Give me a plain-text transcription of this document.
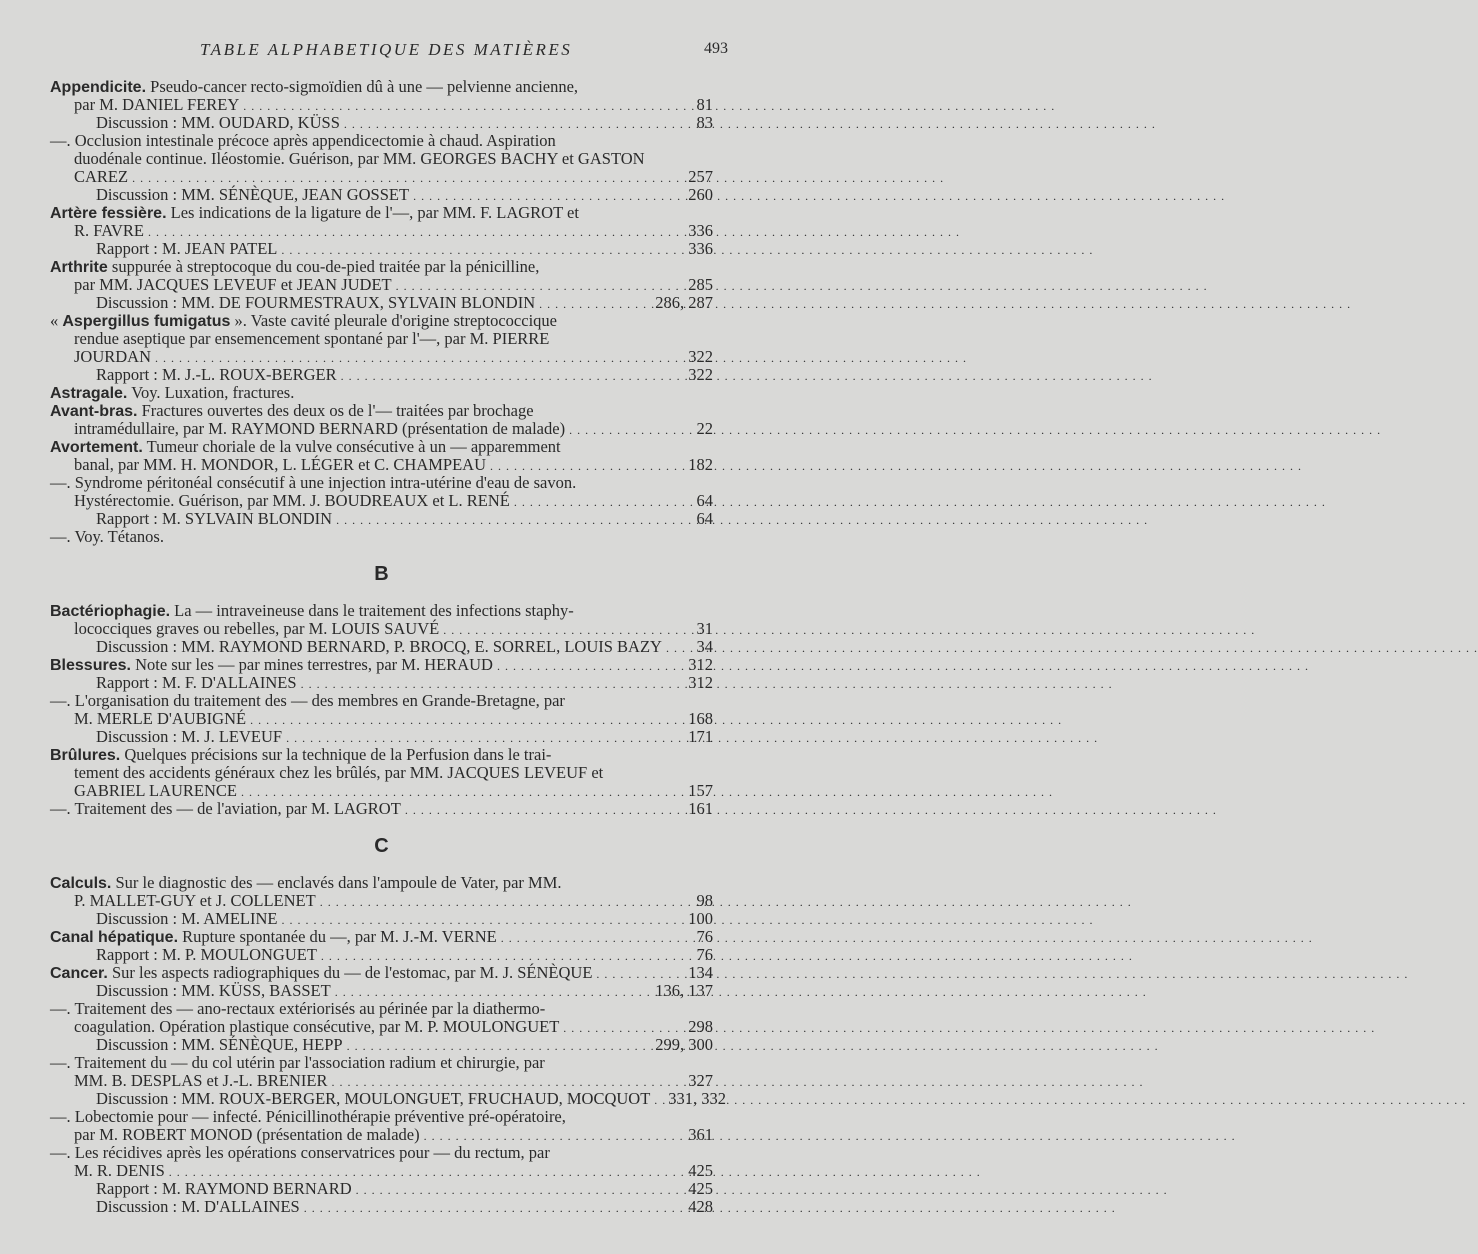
TABLE ALPHABETIQUE DES MATIÈRES	493
Appendicite. Pseudo-cancer recto-sigmoïdien dû à une — pelvienne ancienne,
par M. DANIEL FEREY . . .	81
Discussion : MM. OUDARD, KÜSS . . .	83
—. Occlusion intestinale précoce après appendicectomie à chaud. Aspiration
duodénale continue. Iléostomie. Guérison, par MM. GEORGES BACHY et GASTON
CAREZ . . .	257
Discussion : MM. SÉNÈQUE, JEAN GOSSET . . .	260
Artère fessière. Les indications de la ligature de l'—, par MM. F. LAGROT et
R. FAVRE . . .	336
Rapport : M. JEAN PATEL . . .	336
Arthrite suppurée à streptocoque du cou-de-pied traitée par la pénicilline,
par MM. JACQUES LEVEUF et JEAN JUDET . . .	285
Discussion : MM. DE FOURMESTRAUX, SYLVAIN BLONDIN . . .	286, 287
« Aspergillus fumigatus ». Vaste cavité pleurale d'origine streptococcique
rendue aseptique par ensemencement spontané par l'—, par M. PIERRE
JOURDAN . . .	322
Rapport : M. J.-L. ROUX-BERGER . . .	322
Astragale. Voy. Luxation, fractures.
Avant-bras. Fractures ouvertes des deux os de l'— traitées par brochage
intramédullaire, par M. RAYMOND BERNARD (présentation de malade) . . .	22
Avortement. Tumeur choriale de la vulve consécutive à un — apparemment
banal, par MM. H. MONDOR, L. LÉGER et C. CHAMPEAU . . .	182
—. Syndrome péritonéal consécutif à une injection intra-utérine d'eau de savon.
Hystérectomie. Guérison, par MM. J. BOUDREAUX et L. RENÉ . . .	64
Rapport : M. SYLVAIN BLONDIN . . .	64
—. Voy. Tétanos.
B
Bactériophagie. La — intraveineuse dans le traitement des infections staphy-
lococciques graves ou rebelles, par M. LOUIS SAUVÉ . . .	31
Discussion : MM. RAYMOND BERNARD, P. BROCQ, E. SORREL, LOUIS BAZY . . . 34
Blessures. Note sur les — par mines terrestres, par M. HERAUD . . .	312
Rapport : M. F. D'ALLAINES . . .	312
—. L'organisation du traitement des — des membres en Grande-Bretagne, par
M. MERLE D'AUBIGNÉ . . .	168
Discussion : M. J. LEVEUF . . .	171
Brûlures. Quelques précisions sur la technique de la Perfusion dans le trai-
tement des accidents généraux chez les brûlés, par MM. JACQUES LEVEUF et
GABRIEL LAURENCE . . .	157
—. Traitement des — de l'aviation, par M. LAGROT . . .	161
C
Calculs. Sur le diagnostic des — enclavés dans l'ampoule de Vater, par MM.
P. MALLET-GUY et J. COLLENET . . .	98
Discussion : M. AMELINE . . .	100
Canal hépatique. Rupture spontanée du —, par M. J.-M. VERNE . . .	76
Rapport : M. P. MOULONGUET . . .	76
Cancer. Sur les aspects radiographiques du — de l'estomac, par M. J. SÉNÈQUE . . .	134
Discussion : MM. KÜSS, BASSET . . .	136, 137
—. Traitement des — ano-rectaux extériorisés au périnée par la diathermo-
coagulation. Opération plastique consécutive, par M. P. MOULONGUET . . .	298
Discussion : MM. SÉNÈQUE, HEPP . . .	299, 300
—. Traitement du — du col utérin par l'association radium et chirurgie, par
MM. B. DESPLAS et J.-L. BRENIER . . .	327
Discussion : MM. ROUX-BERGER, MOULONGUET, FRUCHAUD, MOCQUOT . . . 331, 332
—. Lobectomie pour — infecté. Pénicillinothérapie préventive pré-opératoire,
par M. ROBERT MONOD (présentation de malade) . . .	361
—. Les récidives après les opérations conservatrices pour — du rectum, par
M. R. DENIS . . .	425
Rapport : M. RAYMOND BERNARD . . .	425
Discussion : M. D'ALLAINES . . .	428
